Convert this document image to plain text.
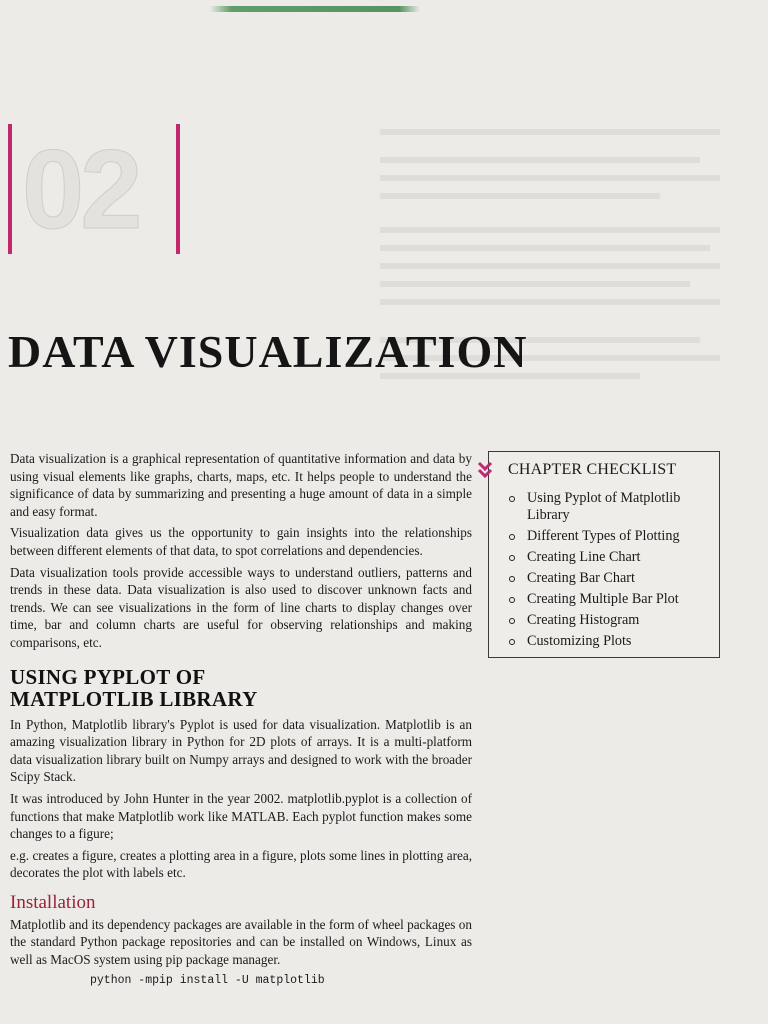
02
DATA VISUALIZATION

Data visualization is a graphical representation of quantitative information and data by using visual elements like graphs, charts, maps, etc. It helps people to understand the significance of data by summarizing and presenting a huge amount of data in a simple and easy format.

Visualization data gives us the opportunity to gain insights into the relationships between different elements of that data, to spot correlations and dependencies.

Data visualization tools provide accessible ways to understand outliers, patterns and trends in these data. Data visualization is also used to discover unknown facts and trends. We can see visualizations in the form of line charts to display changes over time, bar and column charts are useful for observing relationships and making comparisons, etc.

USING PYPLOT OF
MATPLOTLIB LIBRARY

In Python, Matplotlib library's Pyplot is used for data visualization. Matplotlib is an amazing visualization library in Python for 2D plots of arrays. It is a multi-platform data visualization library built on Numpy arrays and designed to work with the broader Scipy Stack.

It was introduced by John Hunter in the year 2002. matplotlib.pyplot is a collection of functions that make Matplotlib work like MATLAB. Each pyplot function makes some changes to a figure;

e.g. creates a figure, creates a plotting area in a figure, plots some lines in plotting area, decorates the plot with labels etc.

Installation

Matplotlib and its dependency packages are available in the form of wheel packages on the standard Python package repositories and can be installed on Windows, Linux as well as MacOS system using pip package manager.

python -mpip install -U matplotlib
CHAPTER CHECKLIST
Using Pyplot of Matplotlib Library
Different Types of Plotting
Creating Line Chart
Creating Bar Chart
Creating Multiple Bar Plot
Creating Histogram
Customizing Plots
